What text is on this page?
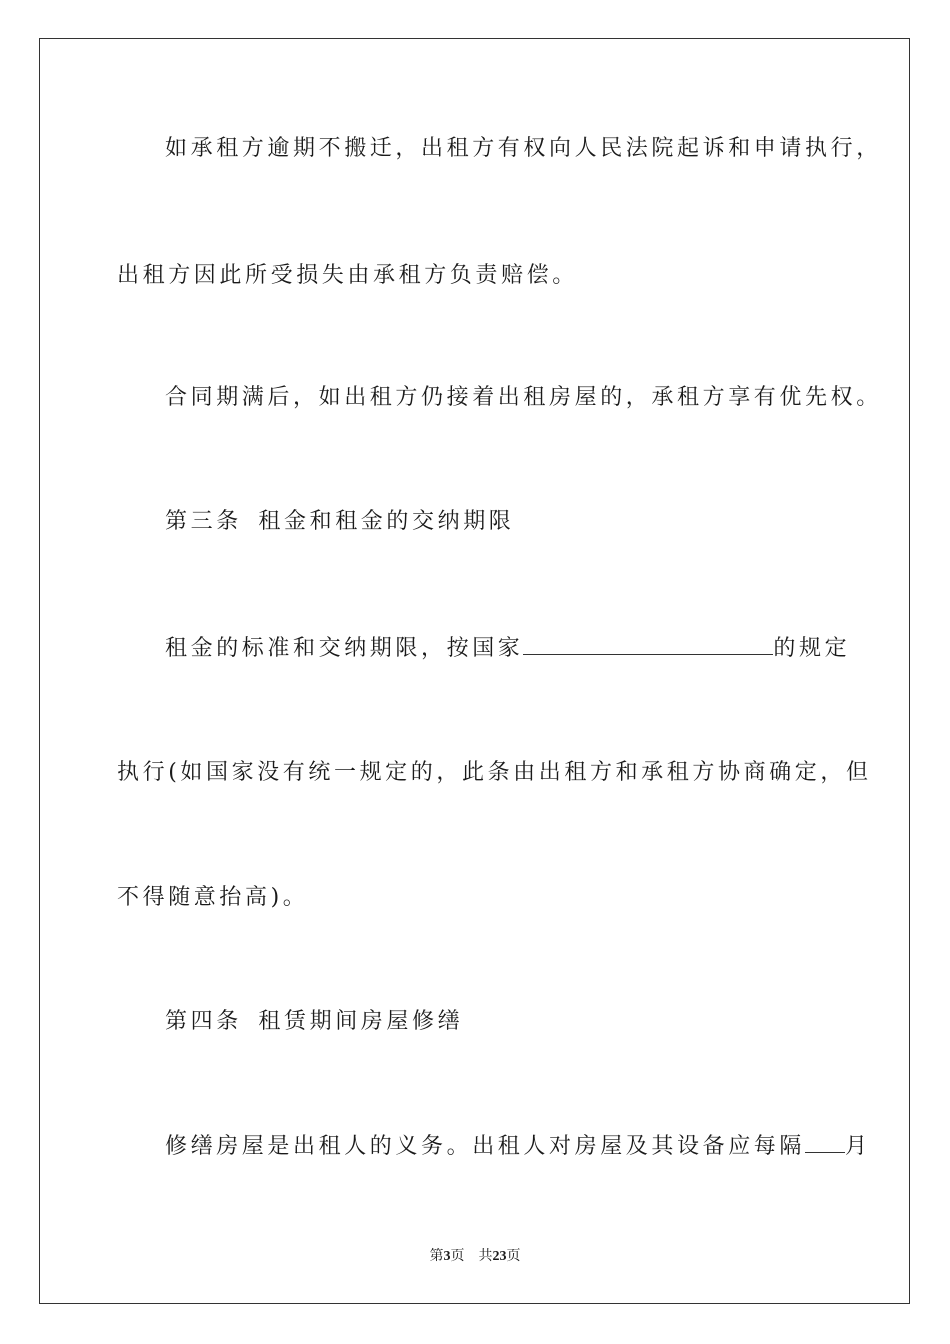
如承租方逾期不搬迁，出租方有权向人民法院起诉和申请执行，
出租方因此所受损失由承租方负责赔偿。
合同期满后，如出租方仍接着出租房屋的，承租方享有优先权。
第三条 租金和租金的交纳期限
租金的标准和交纳期限，按国家	的规定
执行(如国家没有统一规定的，此条由出租方和承租方协商确定，但
不得随意抬高)。
第四条 租赁期间房屋修缮
修缮房屋是出租人的义务。出租人对房屋及其设备应每隔 月
第3页 共23页
